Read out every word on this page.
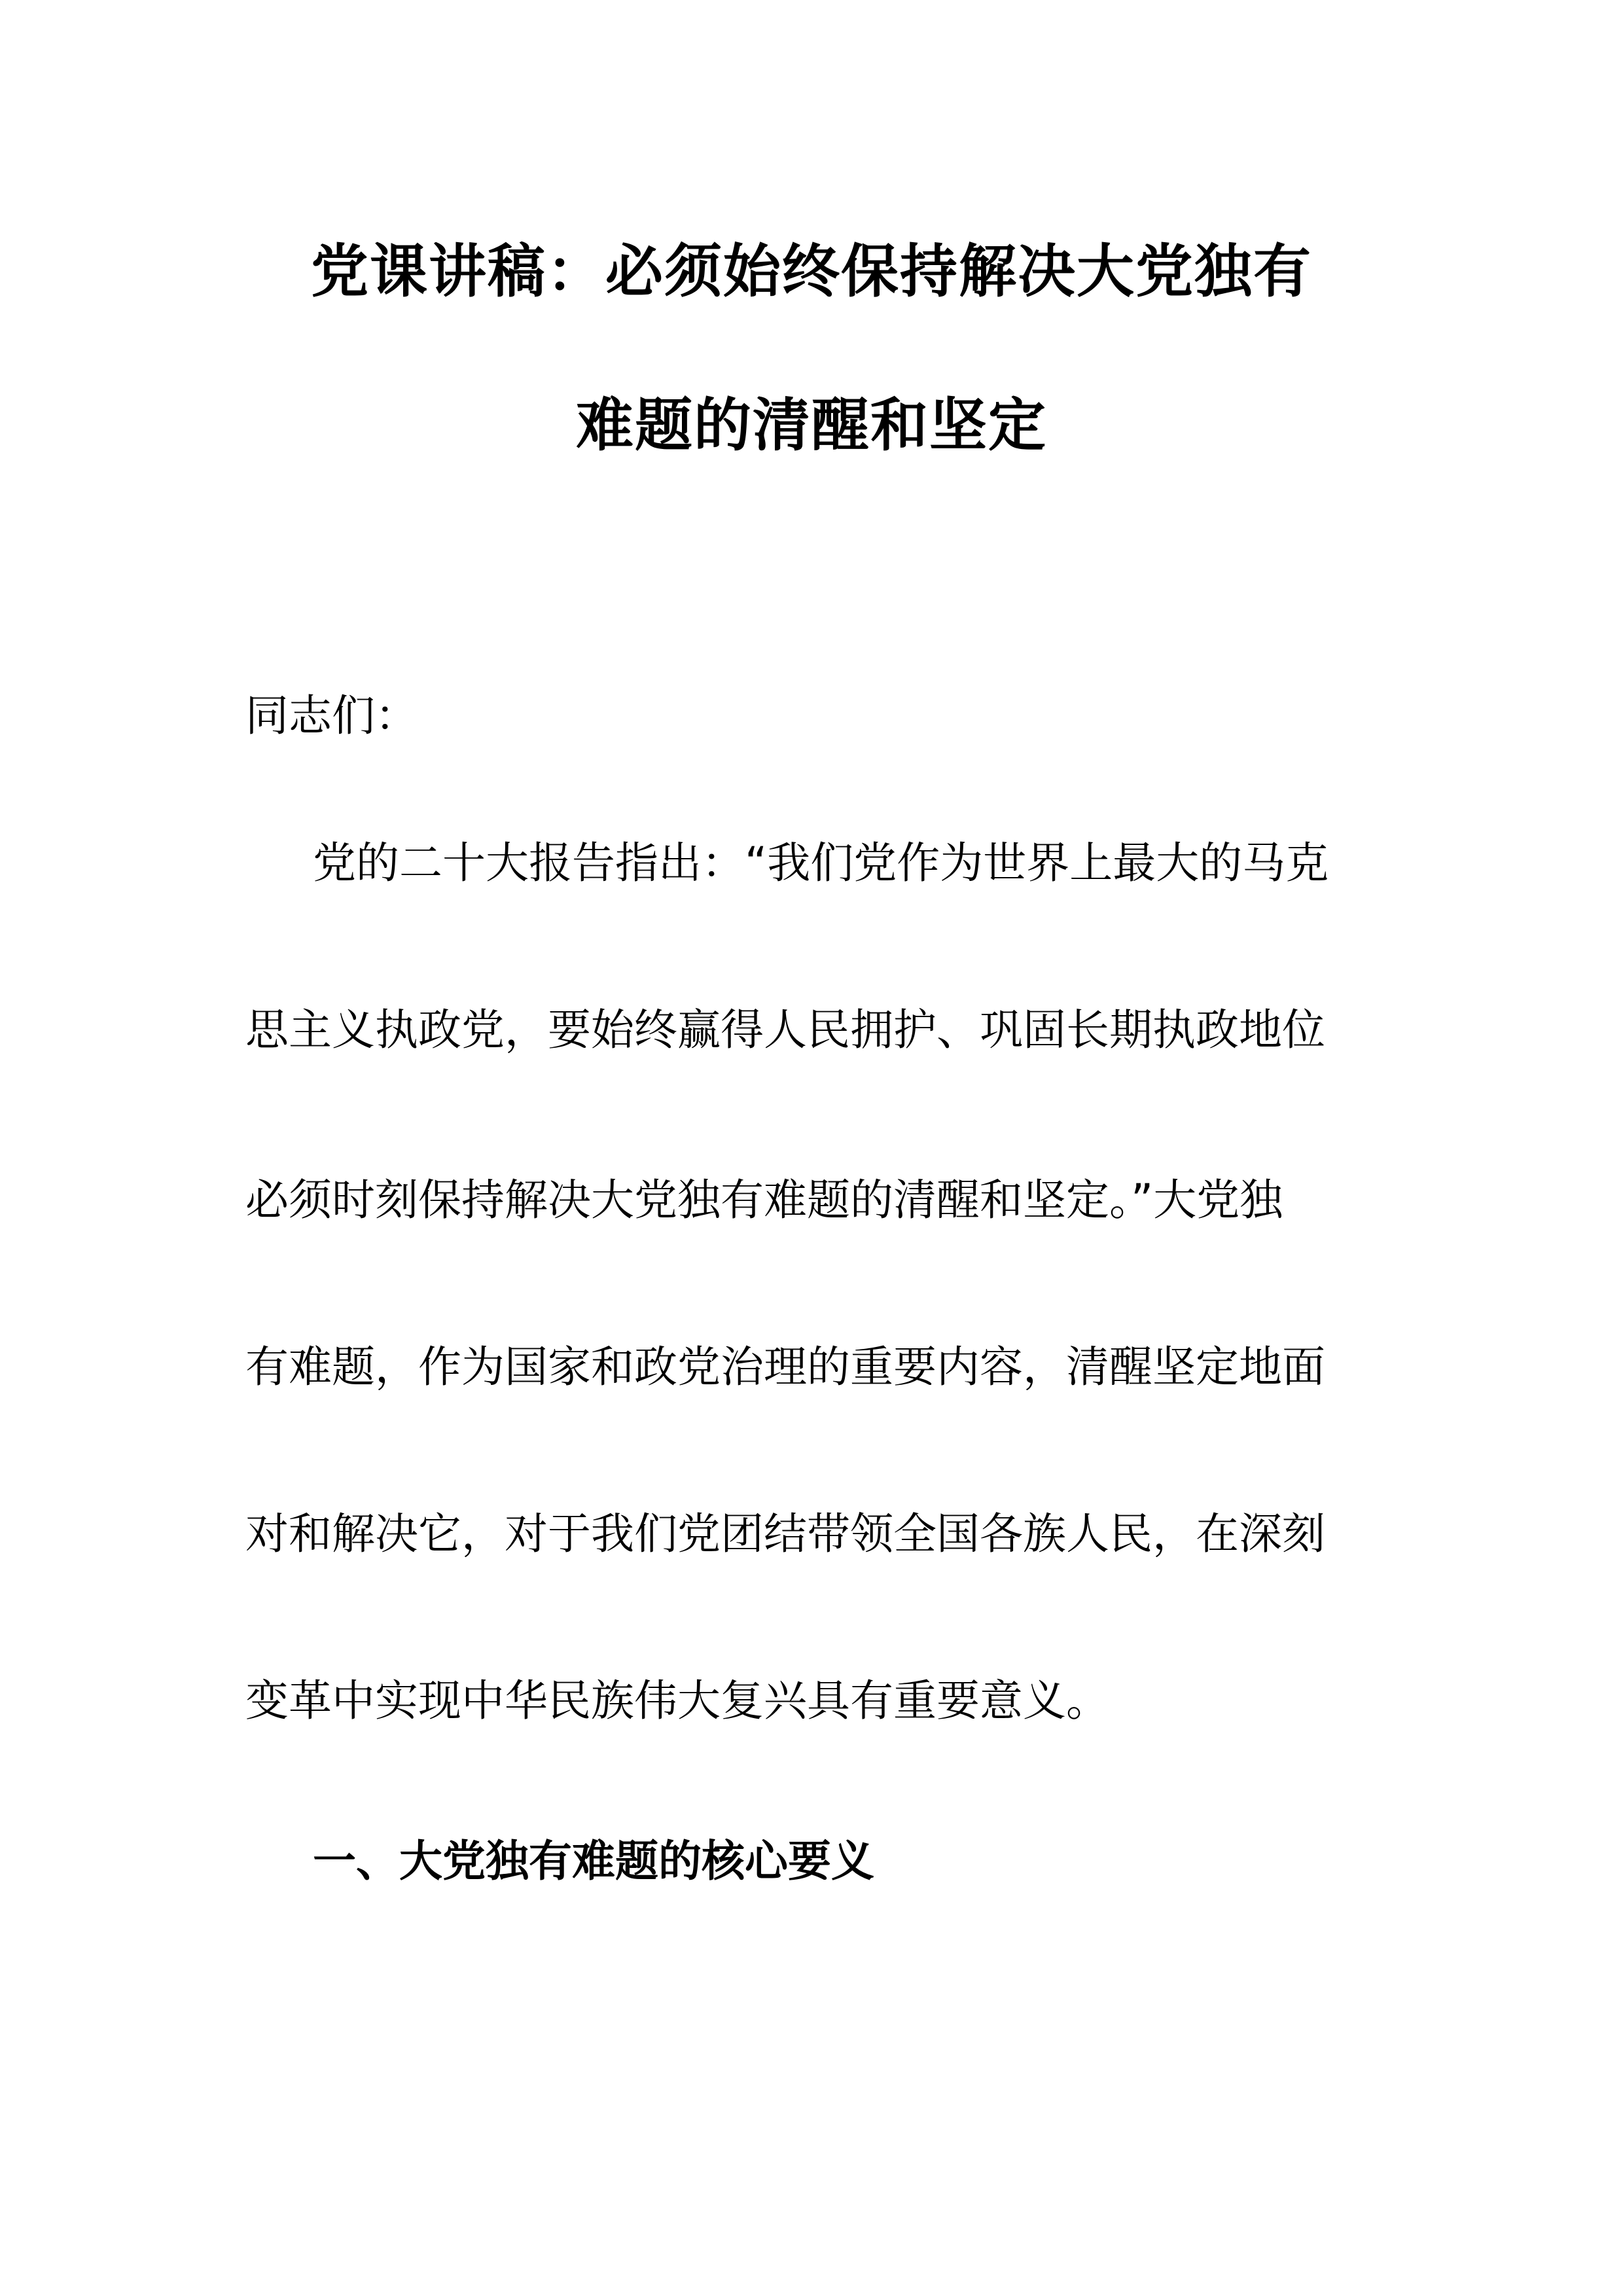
党课讲稿：必须始终保持解决大党独有
难题的清醒和坚定
同志们：
党的二十大报告指出：“我们党作为世界上最大的马克
思主义执政党，要始终赢得人民拥护、巩固长期执政地位
必须时刻保持解决大党独有难题的清醒和坚定。”大党独
有难题，作为国家和政党治理的重要内容，清醒坚定地面
对和解决它，对于我们党团结带领全国各族人民，在深刻
变革中实现中华民族伟大复兴具有重要意义。
一、大党独有难题的核心要义
